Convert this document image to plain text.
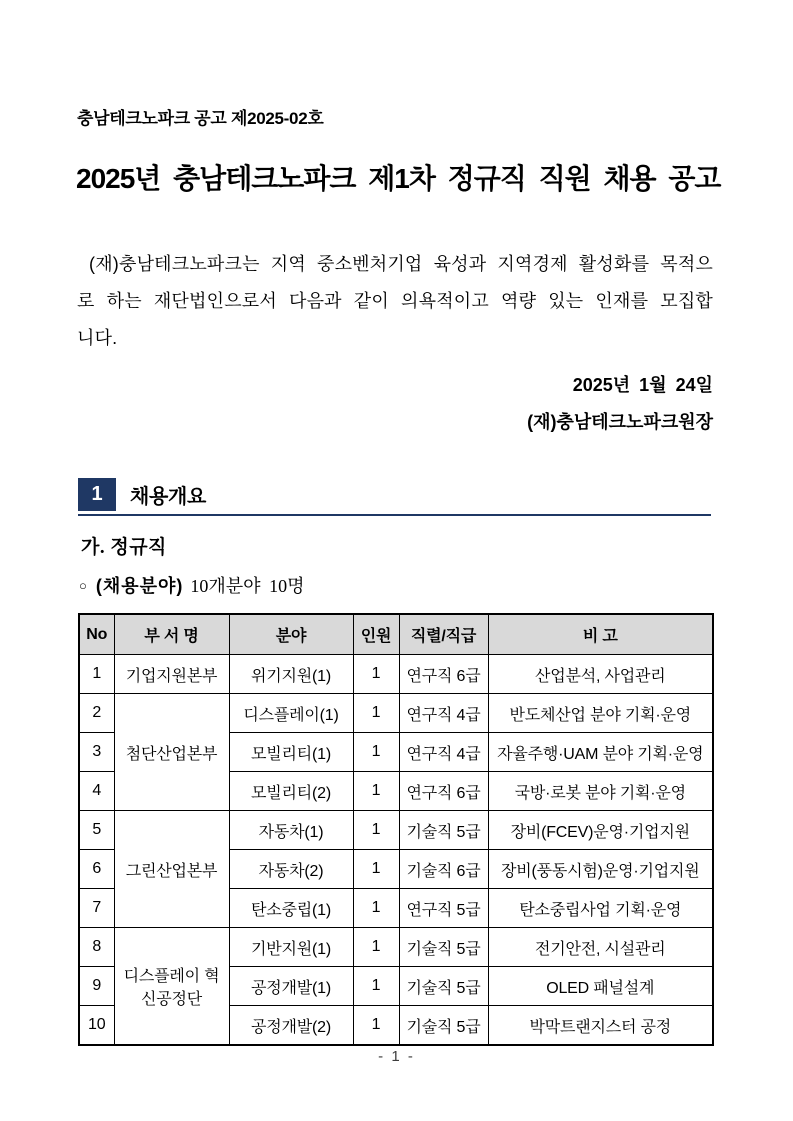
충남테크노파크 공고 제2025-02호
2025년 충남테크노파크 제1차 정규직 직원 채용 공고

(재)충남테크노파크는 지역 중소벤처기업 육성과 지역경제 활성화를 목적으로 하는 재단법인으로서 다음과 같이 의욕적이고 역량 있는 인재를 모집합니다.

2025년 1월 24일
(재)충남테크노파크원장
1	채용개요
가. 정규직
○ (채용분야) 10개분야 10명
No	부 서 명	분야	인원	직렬/직급	비 고
1	기업지원본부	위기지원(1)	1	연구직 6급	산업분석, 사업관리
2	첨단산업본부	디스플레이(1)	1	연구직 4급	반도체산업 분야 기획·운영
3		모빌리티(1)	1	연구직 4급	자율주행·UAM 분야 기획·운영
4		모빌리티(2)	1	연구직 6급	국방·로봇 분야 기획·운영
5	그린산업본부	자동차(1)	1	기술직 5급	장비(FCEV)운영·기업지원
6		자동차(2)	1	기술직 6급	장비(풍동시험)운영·기업지원
7		탄소중립(1)	1	연구직 5급	탄소중립사업 기획·운영
8	디스플레이 혁신공정단	기반지원(1)	1	기술직 5급	전기안전, 시설관리
9		공정개발(1)	1	기술직 5급	OLED 패널설계
10		공정개발(2)	1	기술직 5급	박막트랜지스터 공정
- 1 -
